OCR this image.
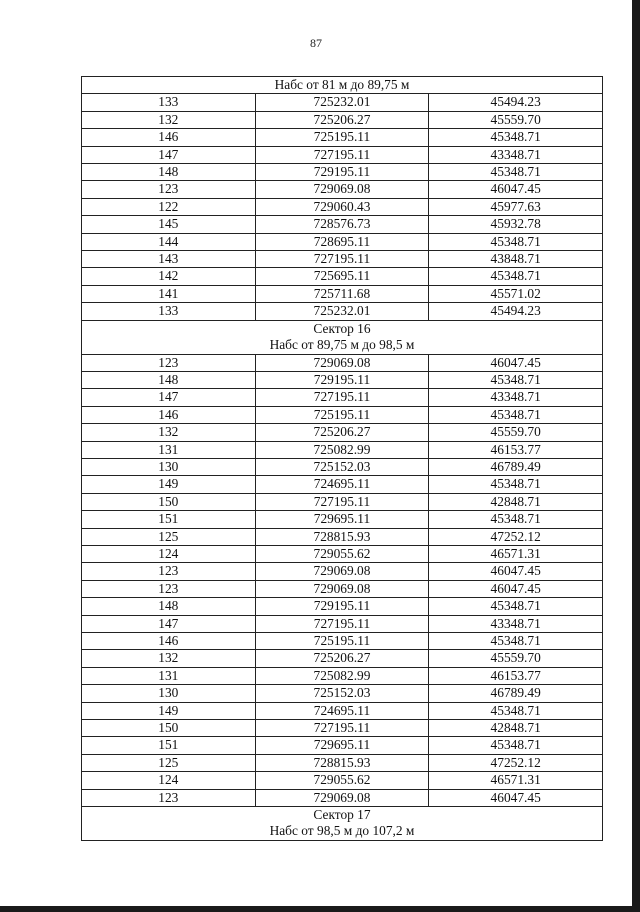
87
Набс от 81 м до 89,75 м		

133	725232.01	45494.23
132	725206.27	45559.70
146	725195.11	45348.71
147	727195.11	43348.71
148	729195.11	45348.71
123	729069.08	46047.45
122	729060.43	45977.63
145	728576.73	45932.78
144	728695.11	45348.71
143	727195.11	43848.71
142	725695.11	45348.71
141	725711.68	45571.02
133	725232.01	45494.23

Сектор 16
Набс от 89,75 м до 98,5 м		

123	729069.08	46047.45
148	729195.11	45348.71
147	727195.11	43348.71
146	725195.11	45348.71
132	725206.27	45559.70
131	725082.99	46153.77
130	725152.03	46789.49
149	724695.11	45348.71
150	727195.11	42848.71
151	729695.11	45348.71
125	728815.93	47252.12
124	729055.62	46571.31
123	729069.08	46047.45
123	729069.08	46047.45
148	729195.11	45348.71
147	727195.11	43348.71
146	725195.11	45348.71
132	725206.27	45559.70
131	725082.99	46153.77
130	725152.03	46789.49
149	724695.11	45348.71
150	727195.11	42848.71
151	729695.11	45348.71
125	728815.93	47252.12
124	729055.62	46571.31
123	729069.08	46047.45

Сектор 17
Набс от 98,5 м до 107,2 м		
